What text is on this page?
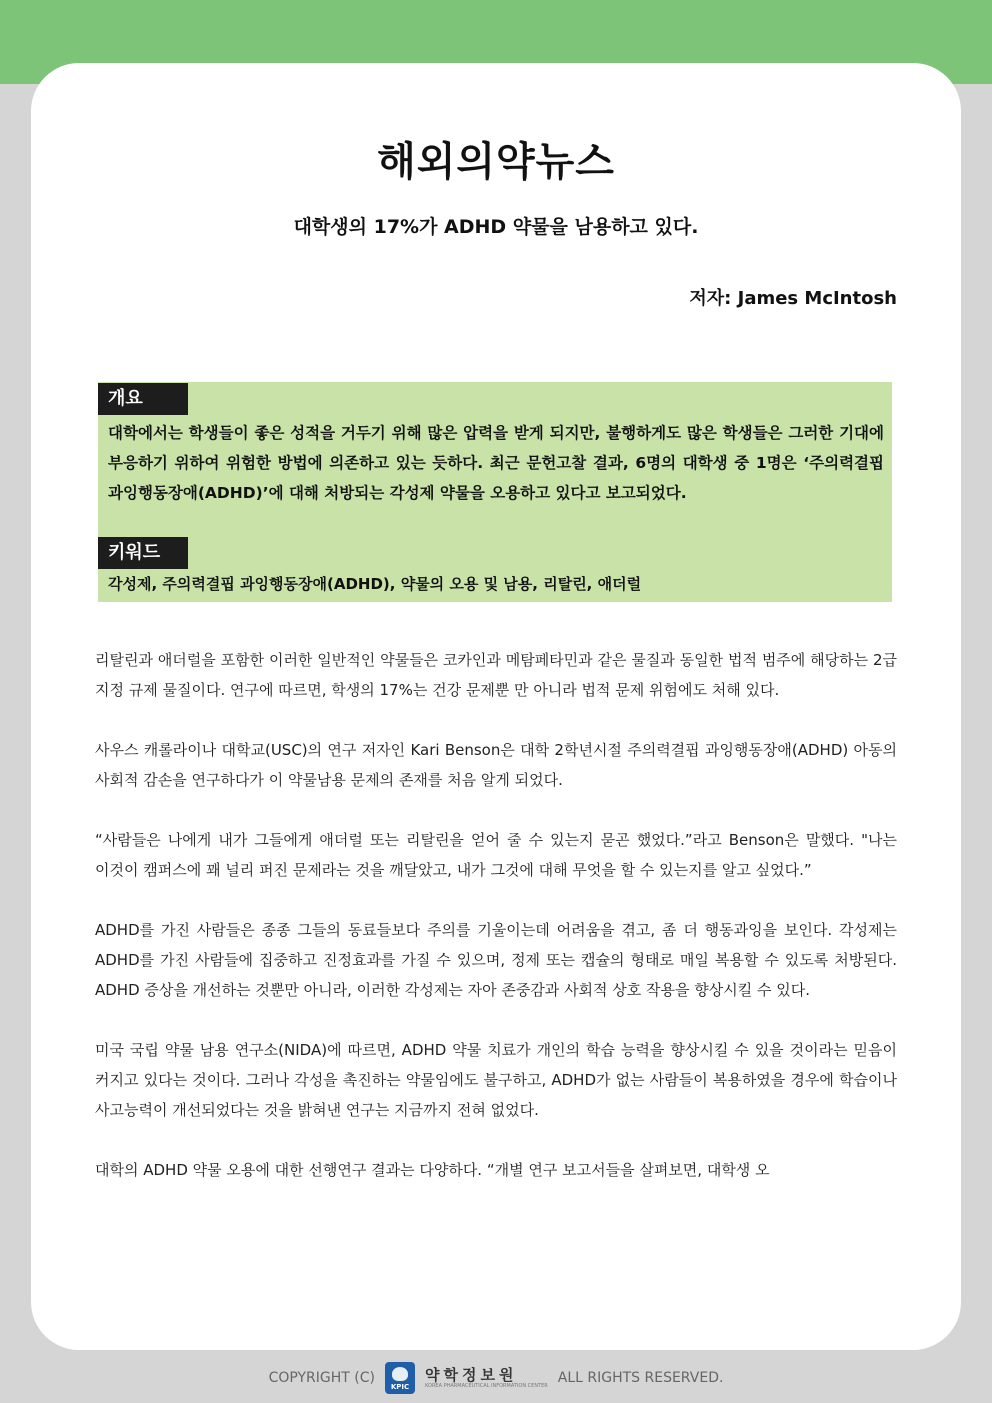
해외의약뉴스
대학생의 17%가 ADHD 약물을 남용하고 있다.
저자: James McIntosh
개요
대학에서는 학생들이 좋은 성적을 거두기 위해 많은 압력을 받게 되지만, 불행하게도 많은 학생들은 그러한 기대에 부응하기 위하여 위험한 방법에 의존하고 있는 듯하다. 최근 문헌고찰 결과, 6명의 대학생 중 1명은 ‘주의력결핍 과잉행동장애(ADHD)’에 대해 처방되는 각성제 약물을 오용하고 있다고 보고되었다.
키워드
각성제, 주의력결핍 과잉행동장애(ADHD), 약물의 오용 및 남용, 리탈린, 애더럴

리탈린과 애더럴을 포함한 이러한 일반적인 약물들은 코카인과 메탐페타민과 같은 물질과 동일한 법적 범주에 해당하는 2급 지정 규제 물질이다. 연구에 따르면, 학생의 17%는 건강 문제뿐 만 아니라 법적 문제 위험에도 처해 있다.

사우스 캐롤라이나 대학교(USC)의 연구 저자인 Kari Benson은 대학 2학년시절 주의력결핍 과잉행동장애(ADHD) 아동의 사회적 감손을 연구하다가 이 약물남용 문제의 존재를 처음 알게 되었다.

“사람들은 나에게 내가 그들에게 애더럴 또는 리탈린을 얻어 줄 수 있는지 묻곤 했었다.”라고 Benson은 말했다. "나는 이것이 캠퍼스에 꽤 널리 퍼진 문제라는 것을 깨달았고, 내가 그것에 대해 무엇을 할 수 있는지를 알고 싶었다.”

ADHD를 가진 사람들은 종종 그들의 동료들보다 주의를 기울이는데 어려움을 겪고, 좀 더 행동과잉을 보인다. 각성제는 ADHD를 가진 사람들에 집중하고 진정효과를 가질 수 있으며, 정제 또는 캡슐의 형태로 매일 복용할 수 있도록 처방된다. ADHD 증상을 개선하는 것뿐만 아니라, 이러한 각성제는 자아 존중감과 사회적 상호 작용을 향상시킬 수 있다.

미국 국립 약물 남용 연구소(NIDA)에 따르면, ADHD 약물 치료가 개인의 학습 능력을 향상시킬 수 있을 것이라는 믿음이 커지고 있다는 것이다. 그러나 각성을 촉진하는 약물임에도 불구하고, ADHD가 없는 사람들이 복용하였을 경우에 학습이나 사고능력이 개선되었다는 것을 밝혀낸 연구는 지금까지 전혀 없었다.

대학의 ADHD 약물 오용에 대한 선행연구 결과는 다양하다. “개별 연구 보고서들을 살펴보면, 대학생 오

COPYRIGHT (C)
KPIC
약학정보원
KOREA PHARMACEUTICAL INFORMATION CENTER ALL RIGHTS RESERVED.
